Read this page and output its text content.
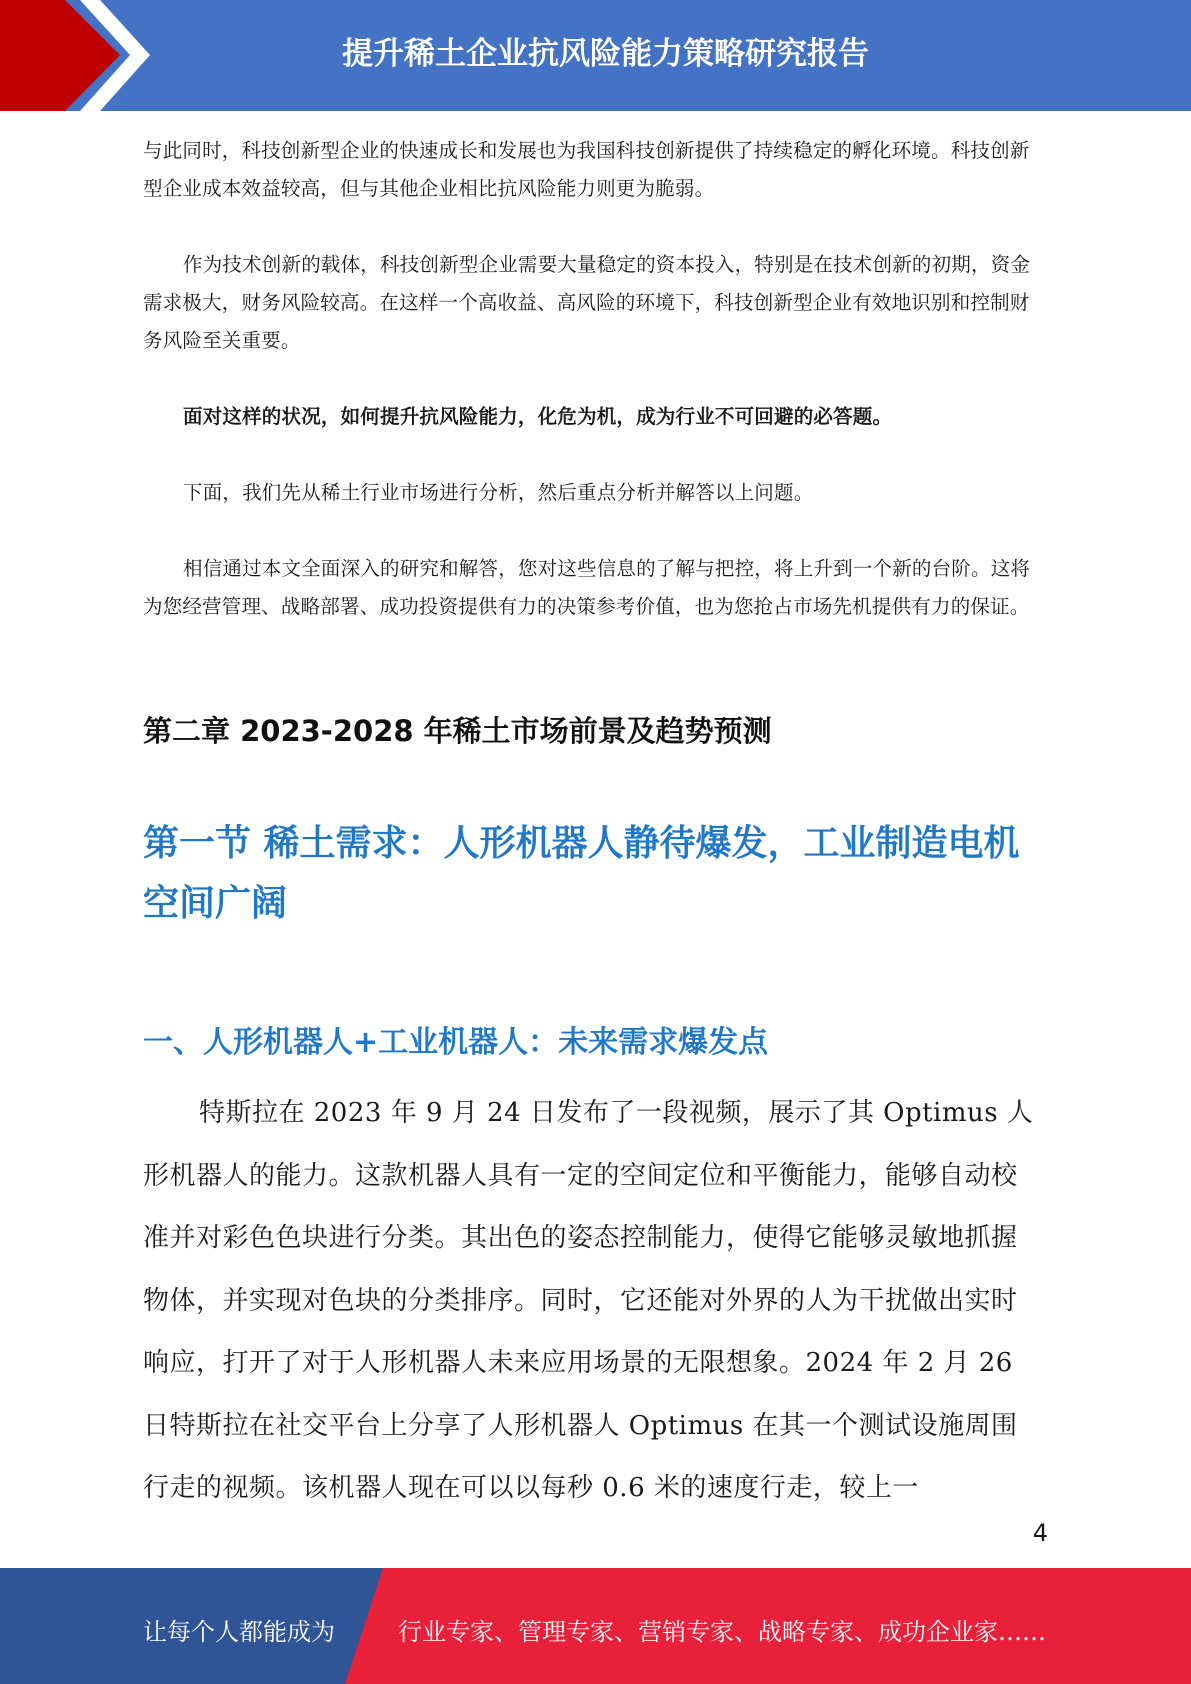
提升稀土企业抗风险能力策略研究报告

与此同时，科技创新型企业的快速成长和发展也为我国科技创新提供了持续稳定的孵化环境。科技创新型企业成本效益较高，但与其他企业相比抗风险能力则更为脆弱。

作为技术创新的载体，科技创新型企业需要大量稳定的资本投入，特别是在技术创新的初期，资金需求极大，财务风险较高。在这样一个高收益、高风险的环境下，科技创新型企业有效地识别和控制财务风险至关重要。

面对这样的状况，如何提升抗风险能力，化危为机，成为行业不可回避的必答题。

下面，我们先从稀土行业市场进行分析，然后重点分析并解答以上问题。

相信通过本文全面深入的研究和解答，您对这些信息的了解与把控，将上升到一个新的台阶。这将为您经营管理、战略部署、成功投资提供有力的决策参考价值，也为您抢占市场先机提供有力的保证。

第二章 2023-2028 年稀土市场前景及趋势预测
第一节 稀土需求：人形机器人静待爆发，工业制造电机空间广阔
一、人形机器人+工业机器人：未来需求爆发点

特斯拉在 2023 年 9 月 24 日发布了一段视频，展示了其 Optimus 人形机器人的能力。这款机器人具有一定的空间定位和平衡能力，能够自动校准并对彩色色块进行分类。其出色的姿态控制能力，使得它能够灵敏地抓握物体，并实现对色块的分类排序。同时，它还能对外界的人为干扰做出实时响应，打开了对于人形机器人未来应用场景的无限想象。2024 年 2 月 26 日特斯拉在社交平台上分享了人形机器人 Optimus 在其一个测试设施周围行走的视频。该机器人现在可以以每秒 0.6 米的速度行走，较上一

4
让每个人都能成为	行业专家、管理专家、营销专家、战略专家、成功企业家……
